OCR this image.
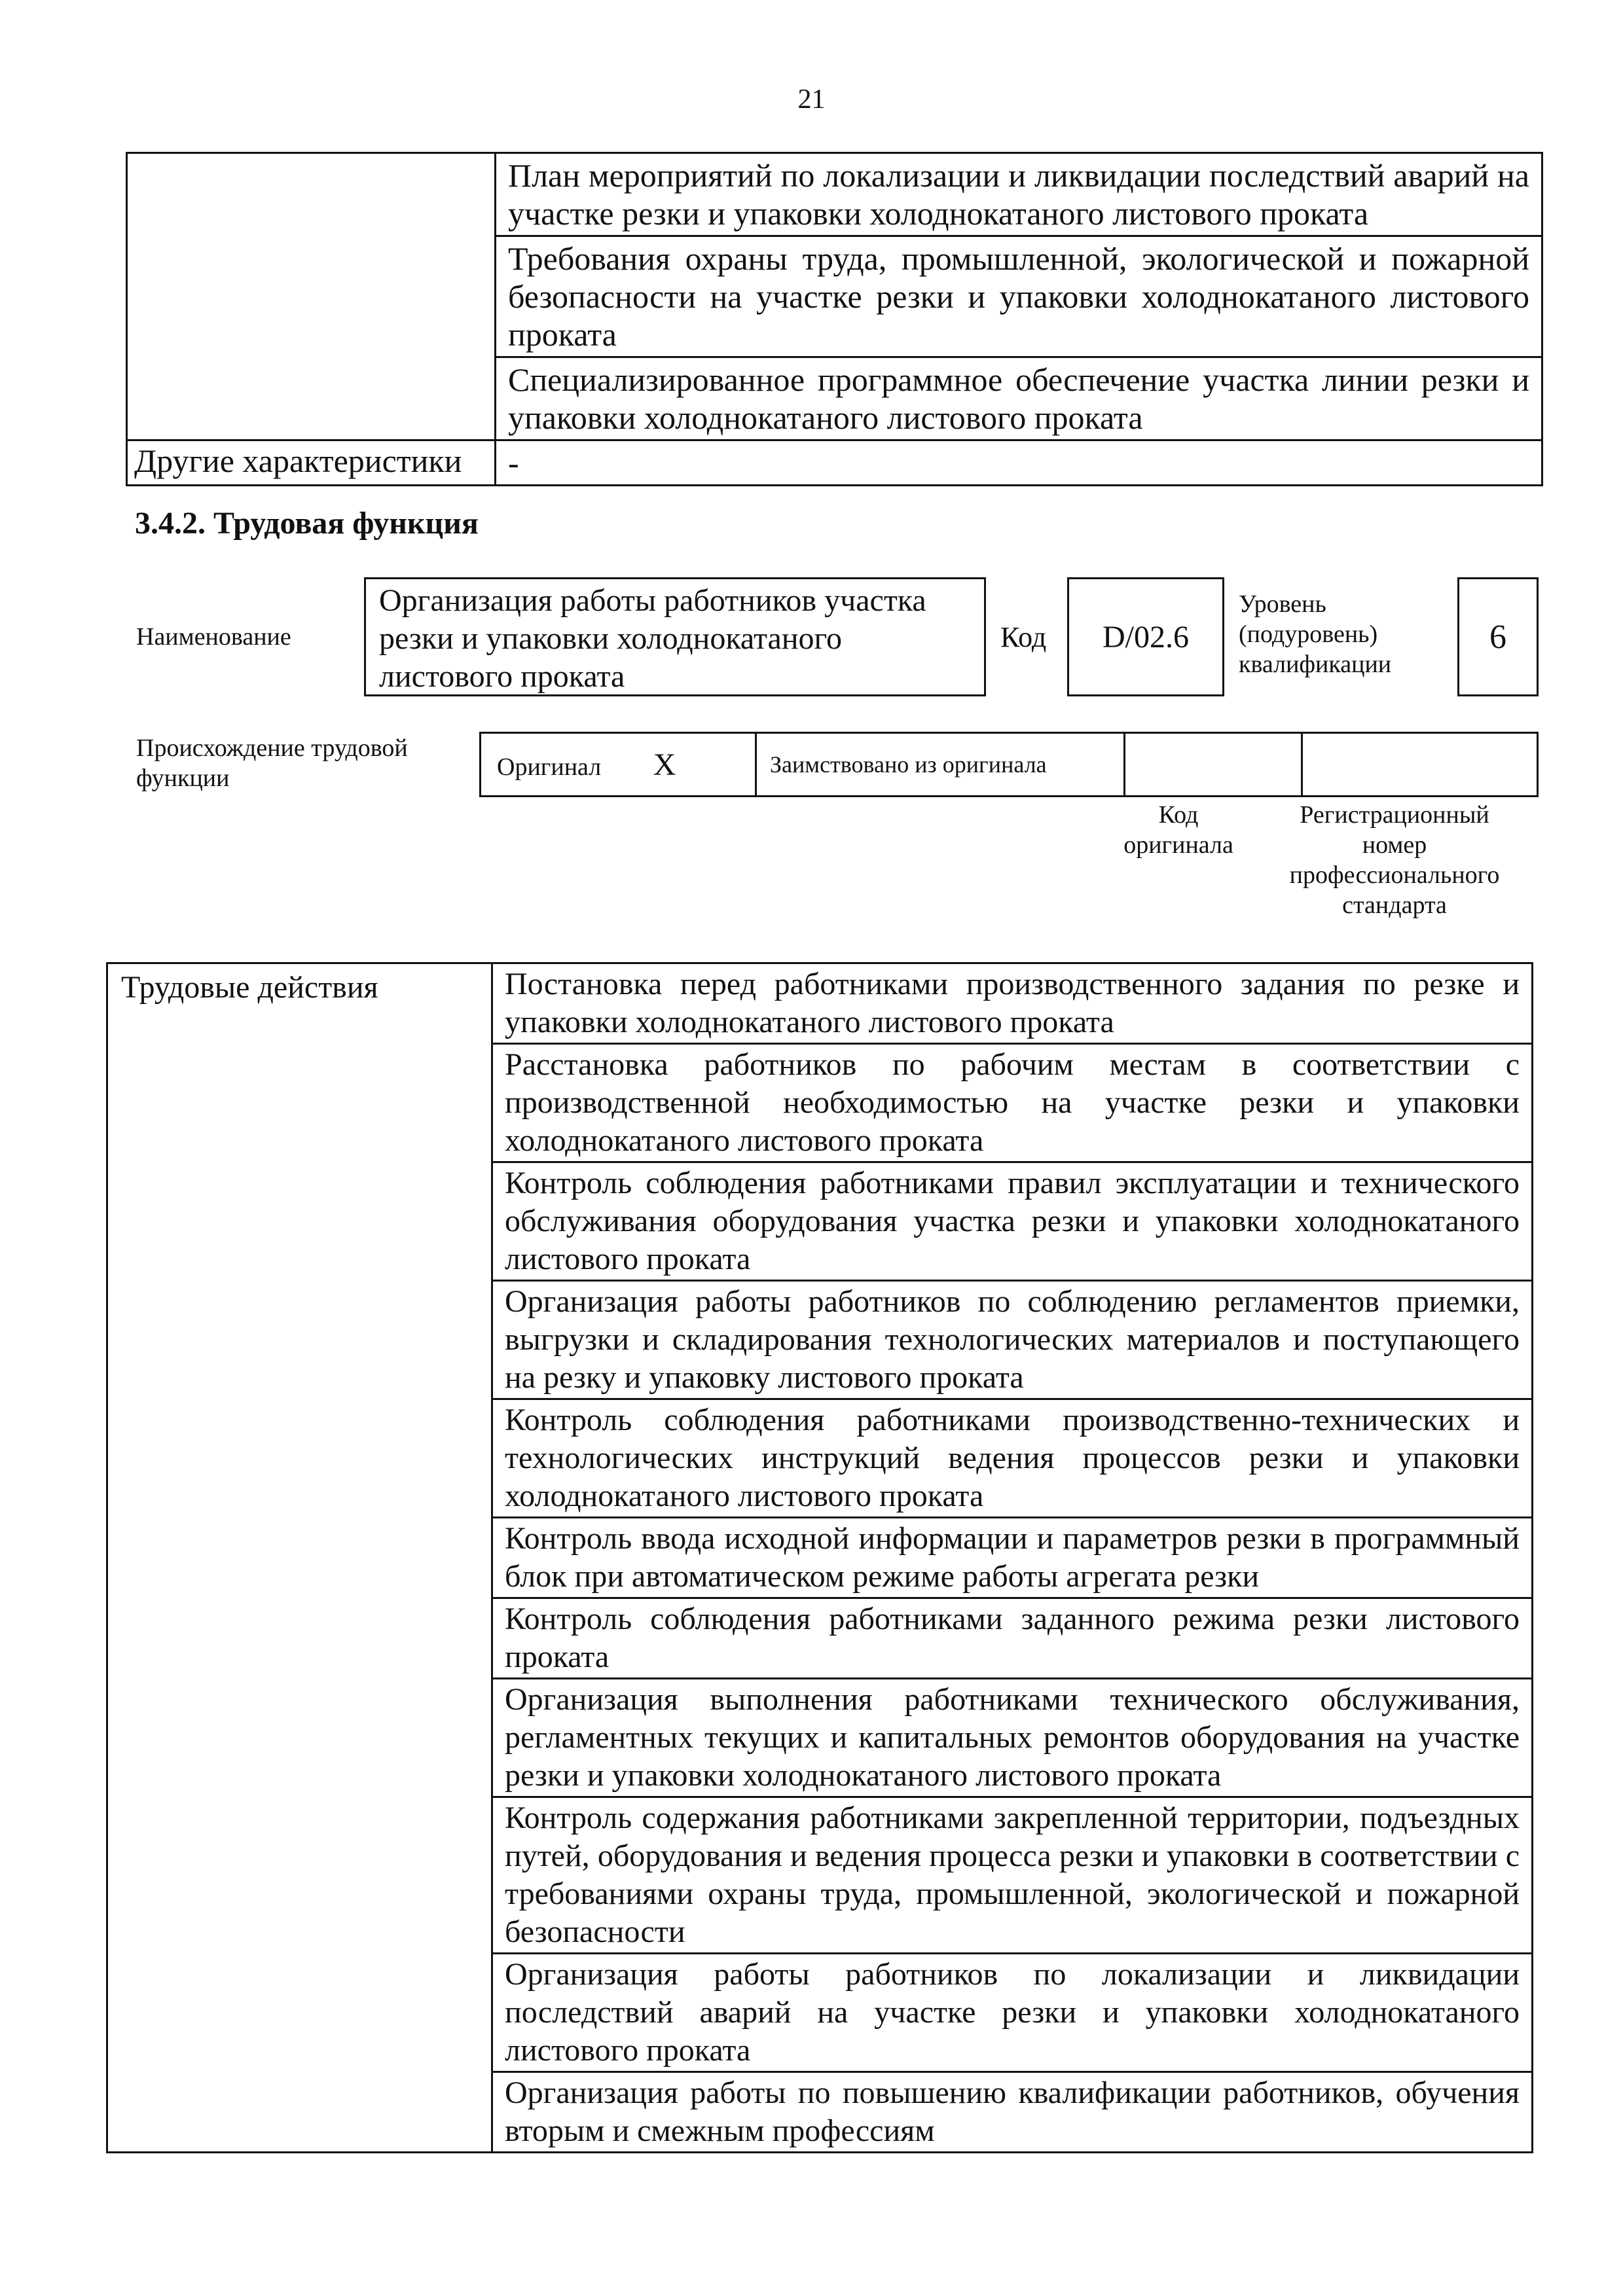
21
	План мероприятий по локализации и ликвидации последствий аварий на участке резки и упаковки холоднокатаного листового проката
	Требования охраны труда, промышленной, экологической и пожарной безопасности на участке резки и упаковки холоднокатаного листового проката
	Специализированное программное обеспечение участка линии резки и упаковки холоднокатаного листового проката
Другие характеристики	-
3.4.2. Трудовая функция
Наименование
Организация работы работников участка резки и упаковки холоднокатаного листового проката
Код D/02.6
Уровень
(подуровень)
квалификации
6
Происхождение трудовой функции	Оригинал X	Заимствовано из оригинала		
Код
оригинала
Регистрационный
номер
профессионального
стандарта
Трудовые действия	Постановка перед работниками производственного задания по резке и упаковки холоднокатаного листового проката
Расстановка работников по рабочим местам в соответствии с производственной необходимостью на участке резки и упаковки холоднокатаного листового проката
Контроль соблюдения работниками правил эксплуатации и технического обслуживания оборудования участка резки и упаковки холоднокатаного листового проката
Организация работы работников по соблюдению регламентов приемки, выгрузки и складирования технологических материалов и поступающего на резку и упаковку листового проката
Контроль соблюдения работниками производственно-технических и технологических инструкций ведения процессов резки и упаковки холоднокатаного листового проката
Контроль ввода исходной информации и параметров резки в программный блок при автоматическом режиме работы агрегата резки
Контроль соблюдения работниками заданного режима резки листового проката
Организация выполнения работниками технического обслуживания, регламентных текущих и капитальных ремонтов оборудования на участке резки и упаковки холоднокатаного листового проката
Контроль содержания работниками закрепленной территории, подъездных путей, оборудования и ведения процесса резки и упаковки в соответствии с требованиями охраны труда, промышленной, экологической и пожарной безопасности
Организация работы работников по локализации и ликвидации последствий аварий на участке резки и упаковки холоднокатаного листового проката
Организация работы по повышению квалификации работников, обучения вторым и смежным профессиям
